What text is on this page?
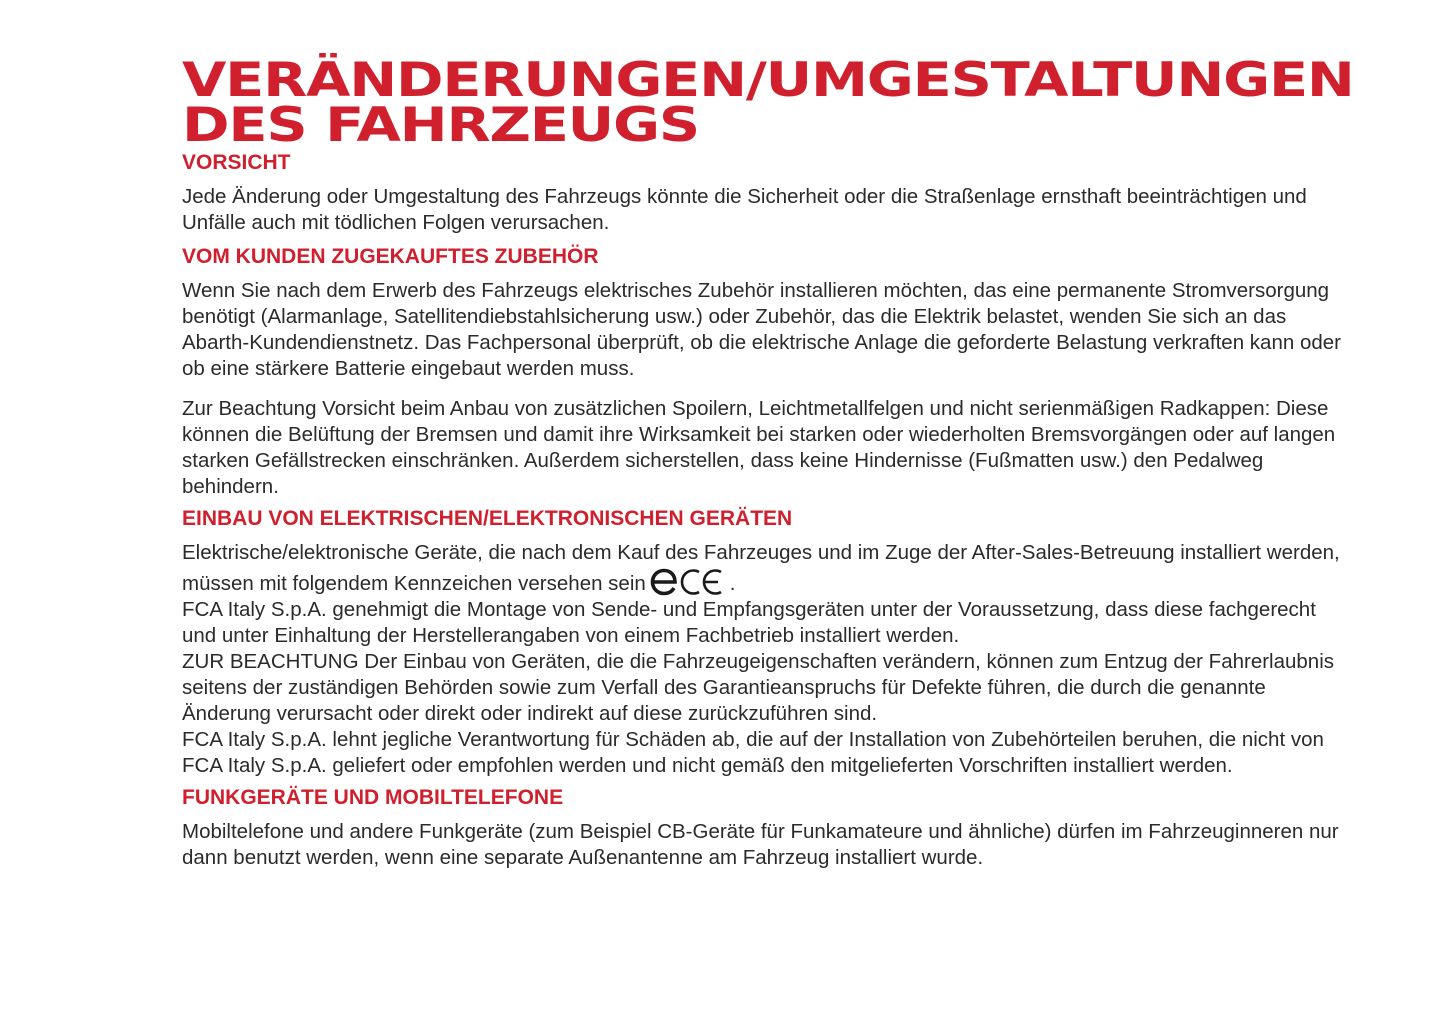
VERÄNDERUNGEN/UMGESTALTUNGEN
DES FAHRZEUGS
VORSICHT

Jede Änderung oder Umgestaltung des Fahrzeugs könnte die Sicherheit oder die Straßenlage ernsthaft beeinträchtigen und Unfälle auch mit tödlichen Folgen verursachen.

VOM KUNDEN ZUGEKAUFTES ZUBEHÖR

Wenn Sie nach dem Erwerb des Fahrzeugs elektrisches Zubehör installieren möchten, das eine permanente Stromversorgung benötigt (Alarmanlage, Satellitendiebstahlsicherung usw.) oder Zubehör, das die Elektrik belastet, wenden Sie sich an das Abarth-Kundendienstnetz. Das Fachpersonal überprüft, ob die elektrische Anlage die geforderte Belastung verkraften kann oder ob eine stärkere Batterie eingebaut werden muss.

Zur Beachtung Vorsicht beim Anbau von zusätzlichen Spoilern, Leichtmetallfelgen und nicht serienmäßigen Radkappen: Diese können die Belüftung der Bremsen und damit ihre Wirksamkeit bei starken oder wiederholten Bremsvorgängen oder auf langen starken Gefällstrecken einschränken. Außerdem sicherstellen, dass keine Hindernisse (Fußmatten usw.) den Pedalweg behindern.

EINBAU VON ELEKTRISCHEN/ELEKTRONISCHEN GERÄTEN

Elektrische/elektronische Geräte, die nach dem Kauf des Fahrzeuges und im Zuge der After-Sales-Betreuung installiert werden, müssen mit folgendem Kennzeichen versehen sein	.

FCA Italy S.p.A. genehmigt die Montage von Sende- und Empfangsgeräten unter der Voraussetzung, dass diese fachgerecht und unter Einhaltung der Herstellerangaben von einem Fachbetrieb installiert werden.

ZUR BEACHTUNG Der Einbau von Geräten, die die Fahrzeugeigenschaften verändern, können zum Entzug der Fahrerlaubnis seitens der zuständigen Behörden sowie zum Verfall des Garantieanspruchs für Defekte führen, die durch die genannte Änderung verursacht oder direkt oder indirekt auf diese zurückzuführen sind.

FCA Italy S.p.A. lehnt jegliche Verantwortung für Schäden ab, die auf der Installation von Zubehörteilen beruhen, die nicht von FCA Italy S.p.A. geliefert oder empfohlen werden und nicht gemäß den mitgelieferten Vorschriften installiert werden.

FUNKGERÄTE UND MOBILTELEFONE

Mobiltelefone und andere Funkgeräte (zum Beispiel CB-Geräte für Funkamateure und ähnliche) dürfen im Fahrzeuginneren nur dann benutzt werden, wenn eine separate Außenantenne am Fahrzeug installiert wurde.
